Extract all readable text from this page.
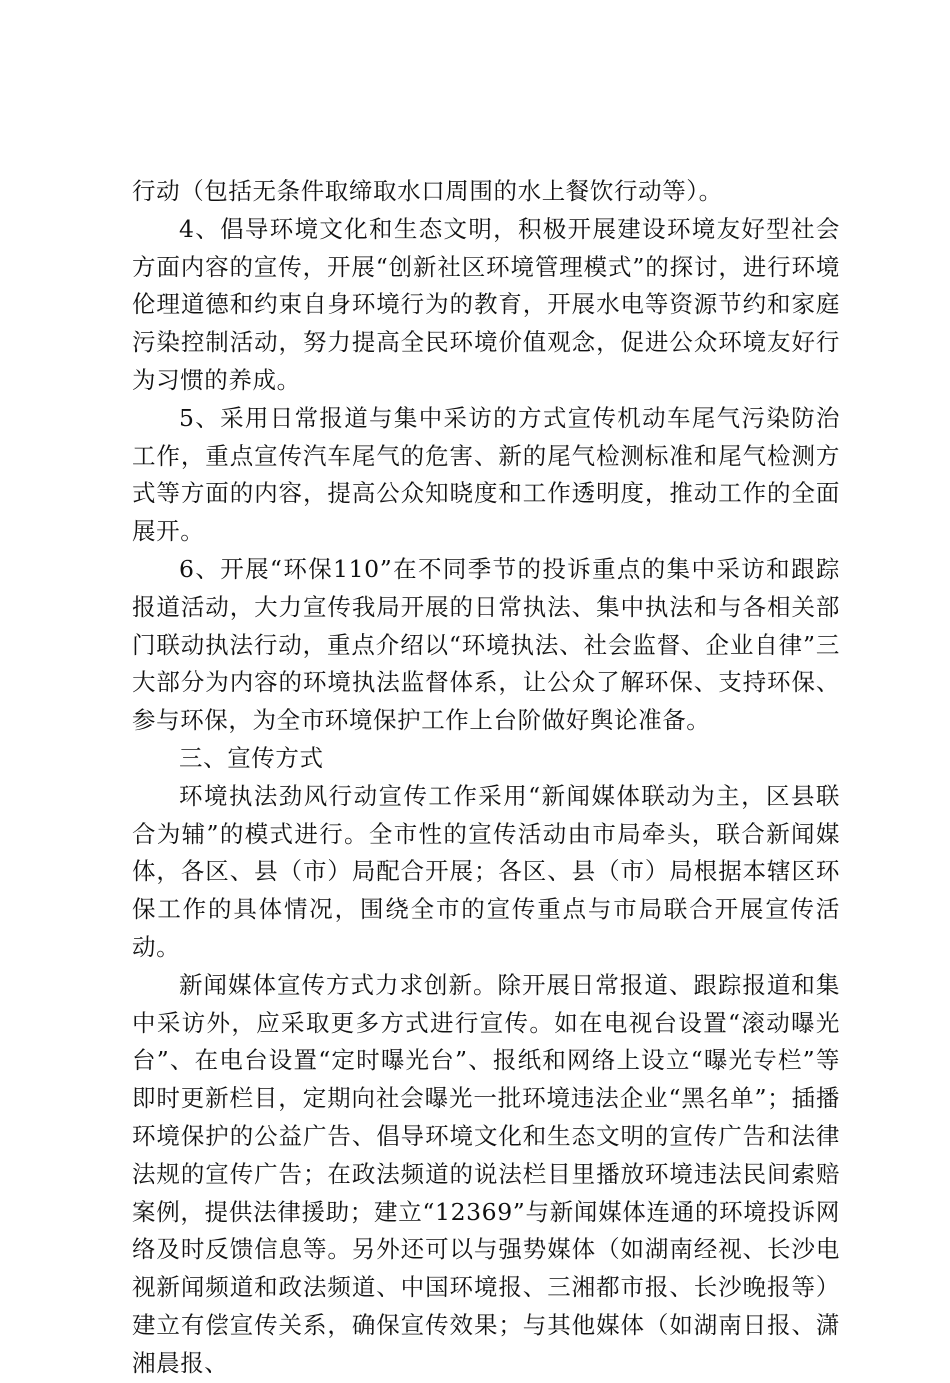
行动（包括无条件取缔取水口周围的水上餐饮行动等）。

4、倡导环境文化和生态文明，积极开展建设环境友好型社会方面内容的宣传，开展“创新社区环境管理模式”的探讨，进行环境伦理道德和约束自身环境行为的教育，开展水电等资源节约和家庭污染控制活动，努力提高全民环境价值观念，促进公众环境友好行为习惯的养成。

5、采用日常报道与集中采访的方式宣传机动车尾气污染防治工作，重点宣传汽车尾气的危害、新的尾气检测标准和尾气检测方式等方面的内容，提高公众知晓度和工作透明度，推动工作的全面展开。

6、开展“环保110”在不同季节的投诉重点的集中采访和跟踪报道活动，大力宣传我局开展的日常执法、集中执法和与各相关部门联动执法行动，重点介绍以“环境执法、社会监督、企业自律”三大部分为内容的环境执法监督体系，让公众了解环保、支持环保、参与环保，为全市环境保护工作上台阶做好舆论准备。

三、宣传方式

环境执法劲风行动宣传工作采用“新闻媒体联动为主，区县联合为辅”的模式进行。全市性的宣传活动由市局牵头，联合新闻媒体，各区、县（市）局配合开展；各区、县（市）局根据本辖区环保工作的具体情况，围绕全市的宣传重点与市局联合开展宣传活动。

新闻媒体宣传方式力求创新。除开展日常报道、跟踪报道和集中采访外，应采取更多方式进行宣传。如在电视台设置“滚动曝光台”、在电台设置“定时曝光台”、报纸和网络上设立“曝光专栏”等即时更新栏目，定期向社会曝光一批环境违法企业“黑名单”；插播环境保护的公益广告、倡导环境文化和生态文明的宣传广告和法律法规的宣传广告；在政法频道的说法栏目里播放环境违法民间索赔案例，提供法律援助；建立“12369”与新闻媒体连通的环境投诉网络及时反馈信息等。另外还可以与强势媒体（如湖南经视、长沙电视新闻频道和政法频道、中国环境报、三湘都市报、长沙晚报等）建立有偿宣传关系，确保宣传效果；与其他媒体（如湖南日报、潇湘晨报、
